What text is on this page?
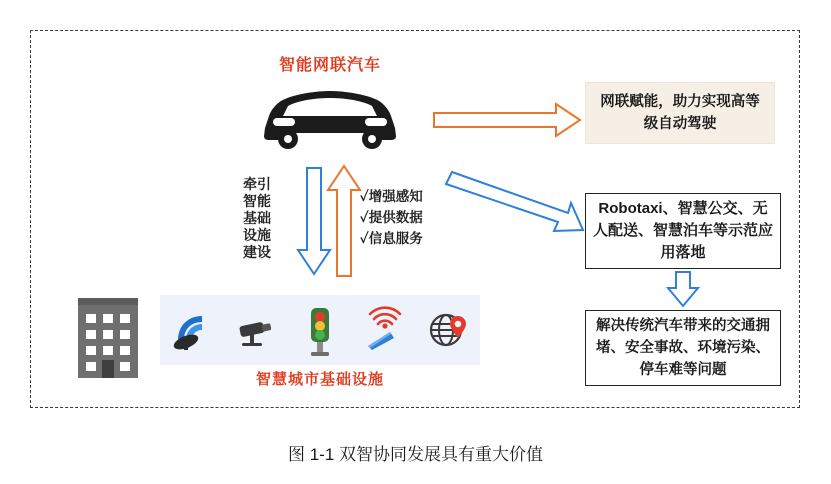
智能网联汽车
牵引智能基础设施建设
✓增强感知
✓提供数据
✓信息服务
智慧城市基础设施
网联赋能，助力实现高等级自动驾驶
Robotaxi、智慧公交、无人配送、智慧泊车等示范应用落地
解决传统汽车带来的交通拥堵、安全事故、环境污染、停车难等问题
图 1-1 双智协同发展具有重大价值
